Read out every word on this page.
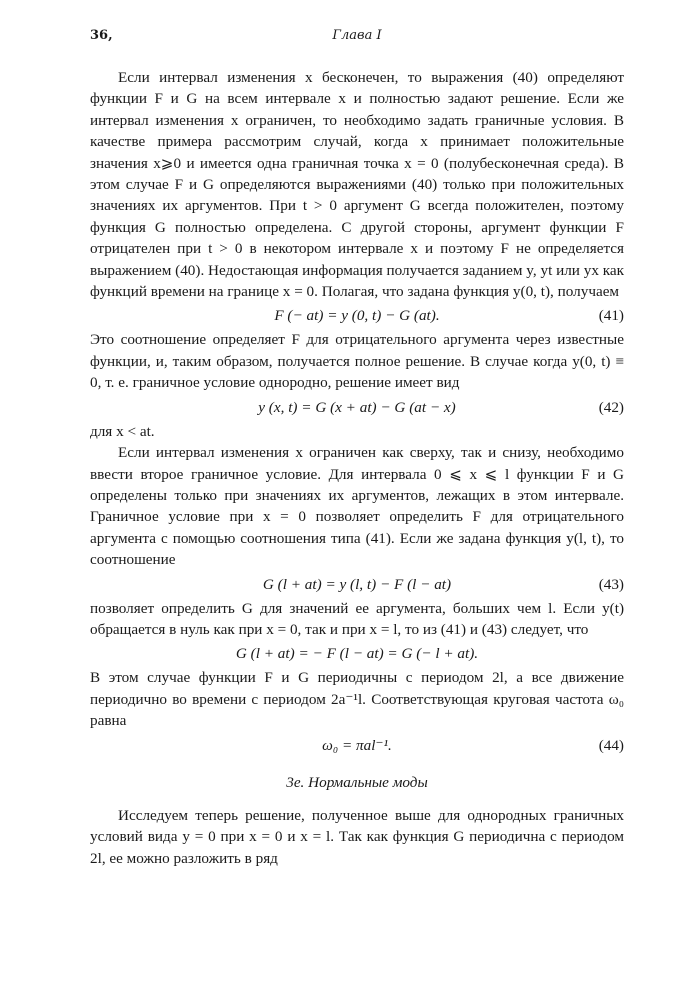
36,	Глава I

Если интервал изменения x бесконечен, то выражения (40) определяют функции F и G на всем интервале x и полностью задают решение. Если же интервал изменения x ограничен, то необходимо задать граничные условия. В качестве примера рассмотрим случай, когда x принимает положительные значения x⩾0 и имеется одна граничная точка x = 0 (полубесконечная среда). В этом случае F и G определяются выражениями (40) только при положительных значениях их аргументов. При t > 0 аргумент G всегда положителен, поэтому функция G полностью определена. С другой стороны, аргумент функции F отрицателен при t > 0 в некотором интервале x и поэтому F не определяется выражением (40). Недостающая информация получается заданием y, yt или yx как функций времени на границе x = 0. Полагая, что задана функция y(0, t), получаем

F (− at) = y (0, t) − G (at).	(41)

Это соотношение определяет F для отрицательного аргумента через известные функции, и, таким образом, получается полное решение. В случае когда y(0, t) ≡ 0, т. е. граничное условие однородно, решение имеет вид

y (x, t) = G (x + at) − G (at − x)	(42)

для x < at.

Если интервал изменения x ограничен как сверху, так и снизу, необходимо ввести второе граничное условие. Для интервала 0 ⩽ x ⩽ l функции F и G определены только при значениях их аргументов, лежащих в этом интервале. Граничное условие при x = 0 позволяет определить F для отрицательного аргумента с помощью соотношения типа (41). Если же задана функция y(l, t), то соотношение

G (l + at) = y (l, t) − F (l − at)	(43)

позволяет определить G для значений ее аргумента, больших чем l. Если y(t) обращается в нуль как при x = 0, так и при x = l, то из (41) и (43) следует, что

G (l + at) = − F (l − at) = G (− l + at).

В этом случае функции F и G периодичны с периодом 2l, а все движение периодично во времени с периодом 2a⁻¹l. Соответствующая круговая частота ω₀ равна

ω₀ = πal⁻¹.	(44)
3е. Нормальные моды

Исследуем теперь решение, полученное выше для однородных граничных условий вида y = 0 при x = 0 и x = l. Так как функция G периодична с периодом 2l, ее можно разложить в ряд
